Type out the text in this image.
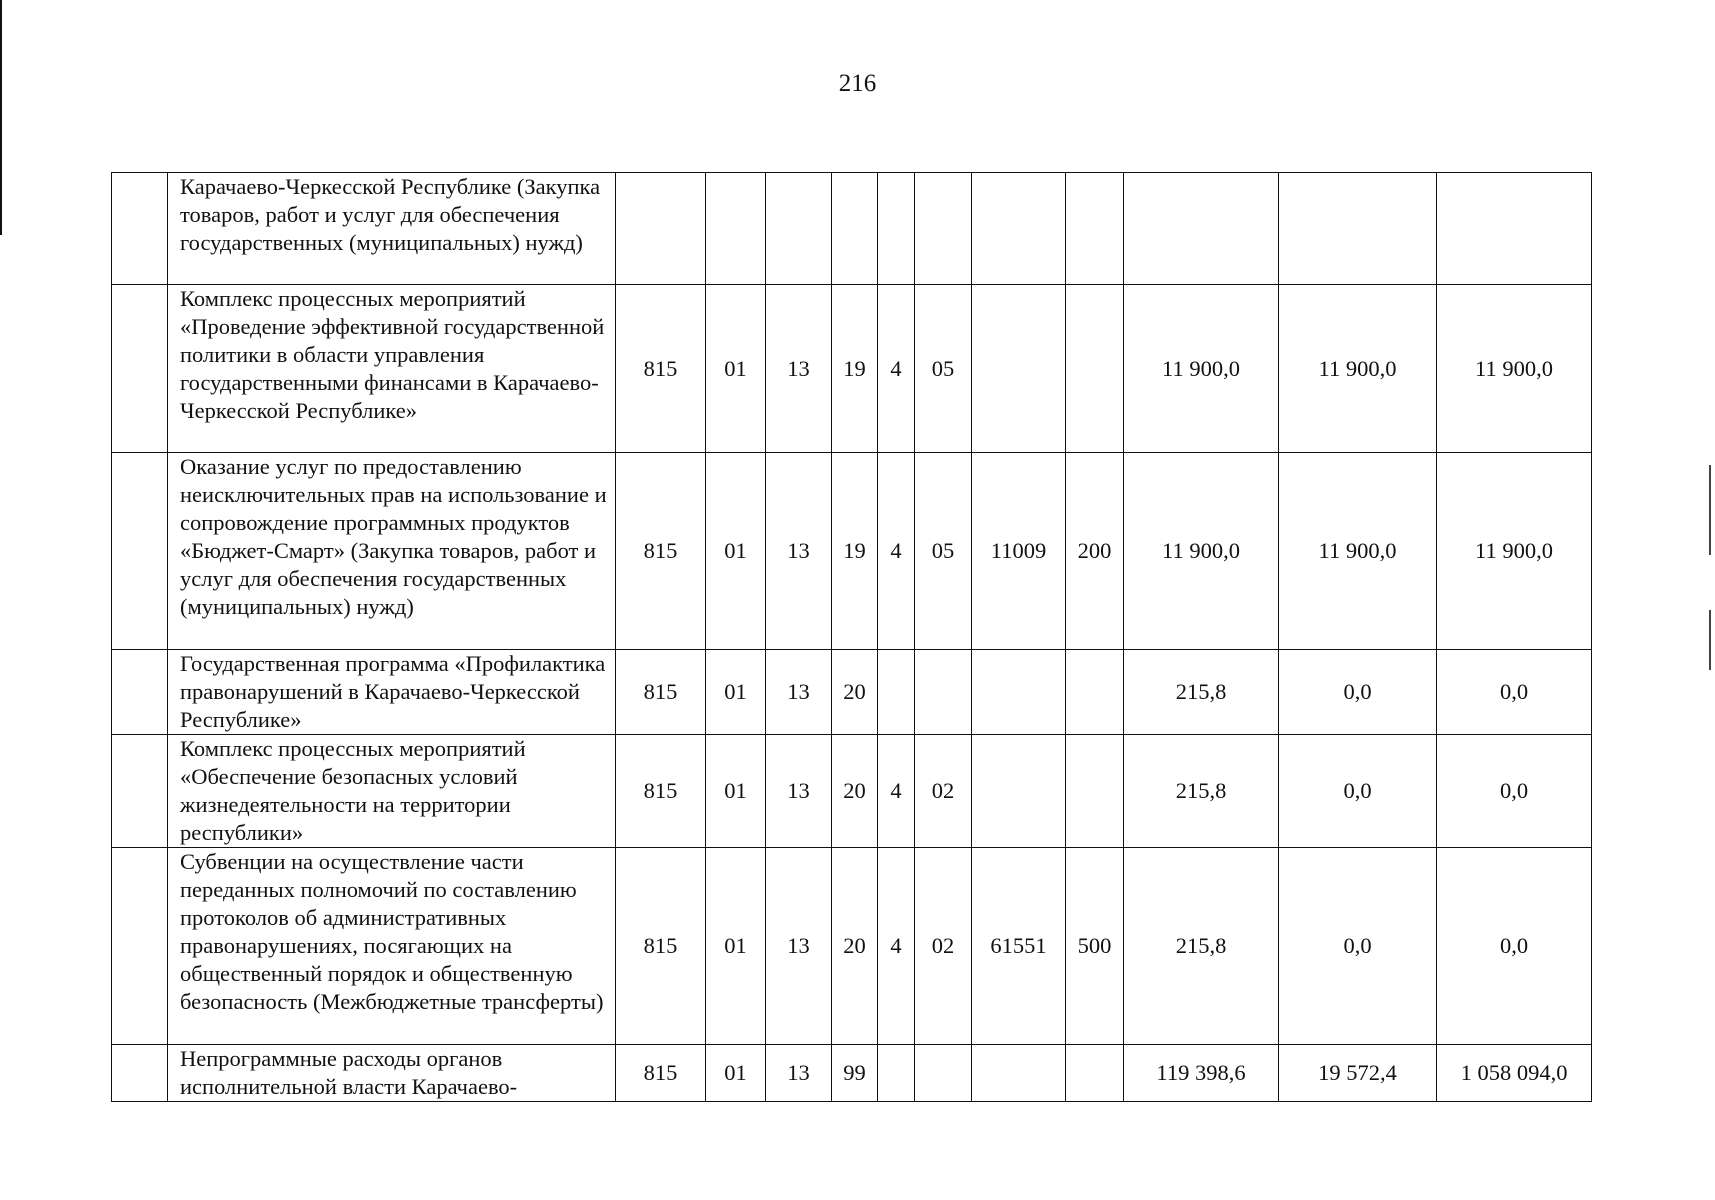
216
	Карачаево-Черкесской Республике (Закупка товаров, работ и услуг для обеспечения государственных (муниципальных) нужд)											
	Комплекс процессных мероприятий «Проведение эффективной государственной политики в области управления государственными финансами в Карачаево-Черкесской Республике»	815	01	13	19	4	05			11 900,0	11 900,0	11 900,0
	Оказание услуг по предоставлению неисключительных прав на использование и сопровождение программных продуктов «Бюджет-Смарт» (Закупка товаров, работ и услуг для обеспечения государственных (муниципальных) нужд)	815	01	13	19	4	05	11009	200	11 900,0	11 900,0	11 900,0
	Государственная программа «Профилактика правонарушений в Карачаево-Черкесской Республике»	815	01	13	20					215,8	0,0	0,0
	Комплекс процессных мероприятий «Обеспечение безопасных условий жизнедеятельности на территории республики»	815	01	13	20	4	02			215,8	0,0	0,0
	Субвенции на осуществление части переданных полномочий по составлению протоколов об административных правонарушениях, посягающих на общественный порядок и общественную безопасность (Межбюджетные трансферты)	815	01	13	20	4	02	61551	500	215,8	0,0	0,0
	Непрограммные расходы органов исполнительной власти Карачаево-	815	01	13	99					119 398,6	19 572,4	1 058 094,0
